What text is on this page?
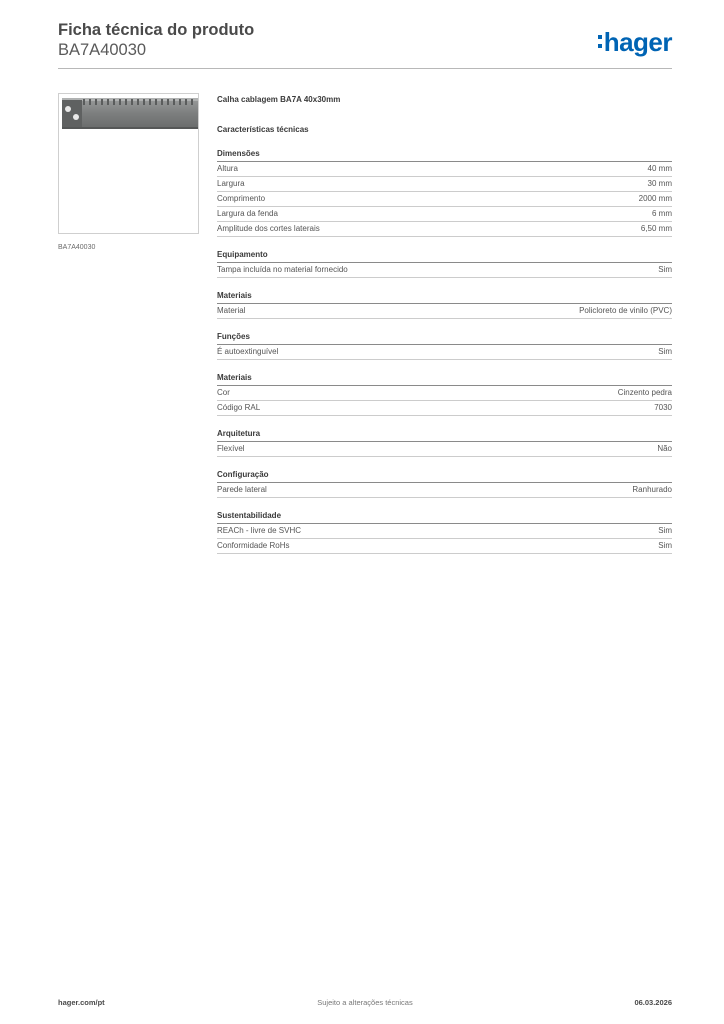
Ficha técnica do produto
BA7A40030	hager
BA7A40030
Calha cablagem BA7A 40x30mm
Características técnicas
Dimensões
Altura	40 mm
Largura	30 mm
Comprimento	2000 mm
Largura da fenda	6 mm
Amplitude dos cortes laterais	6,50 mm
Equipamento
Tampa incluída no material fornecido	Sim
Materiais
Material	Policloreto de vinilo (PVC)
Funções
É autoextinguível	Sim
Materiais
Cor	Cinzento pedra
Código RAL	7030
Arquitetura
Flexível	Não
Configuração
Parede lateral	Ranhurado
Sustentabilidade
REACh - livre de SVHC	Sim
Conformidade RoHs	Sim
hager.com/pt	Sujeito a alterações técnicas	06.03.2026
